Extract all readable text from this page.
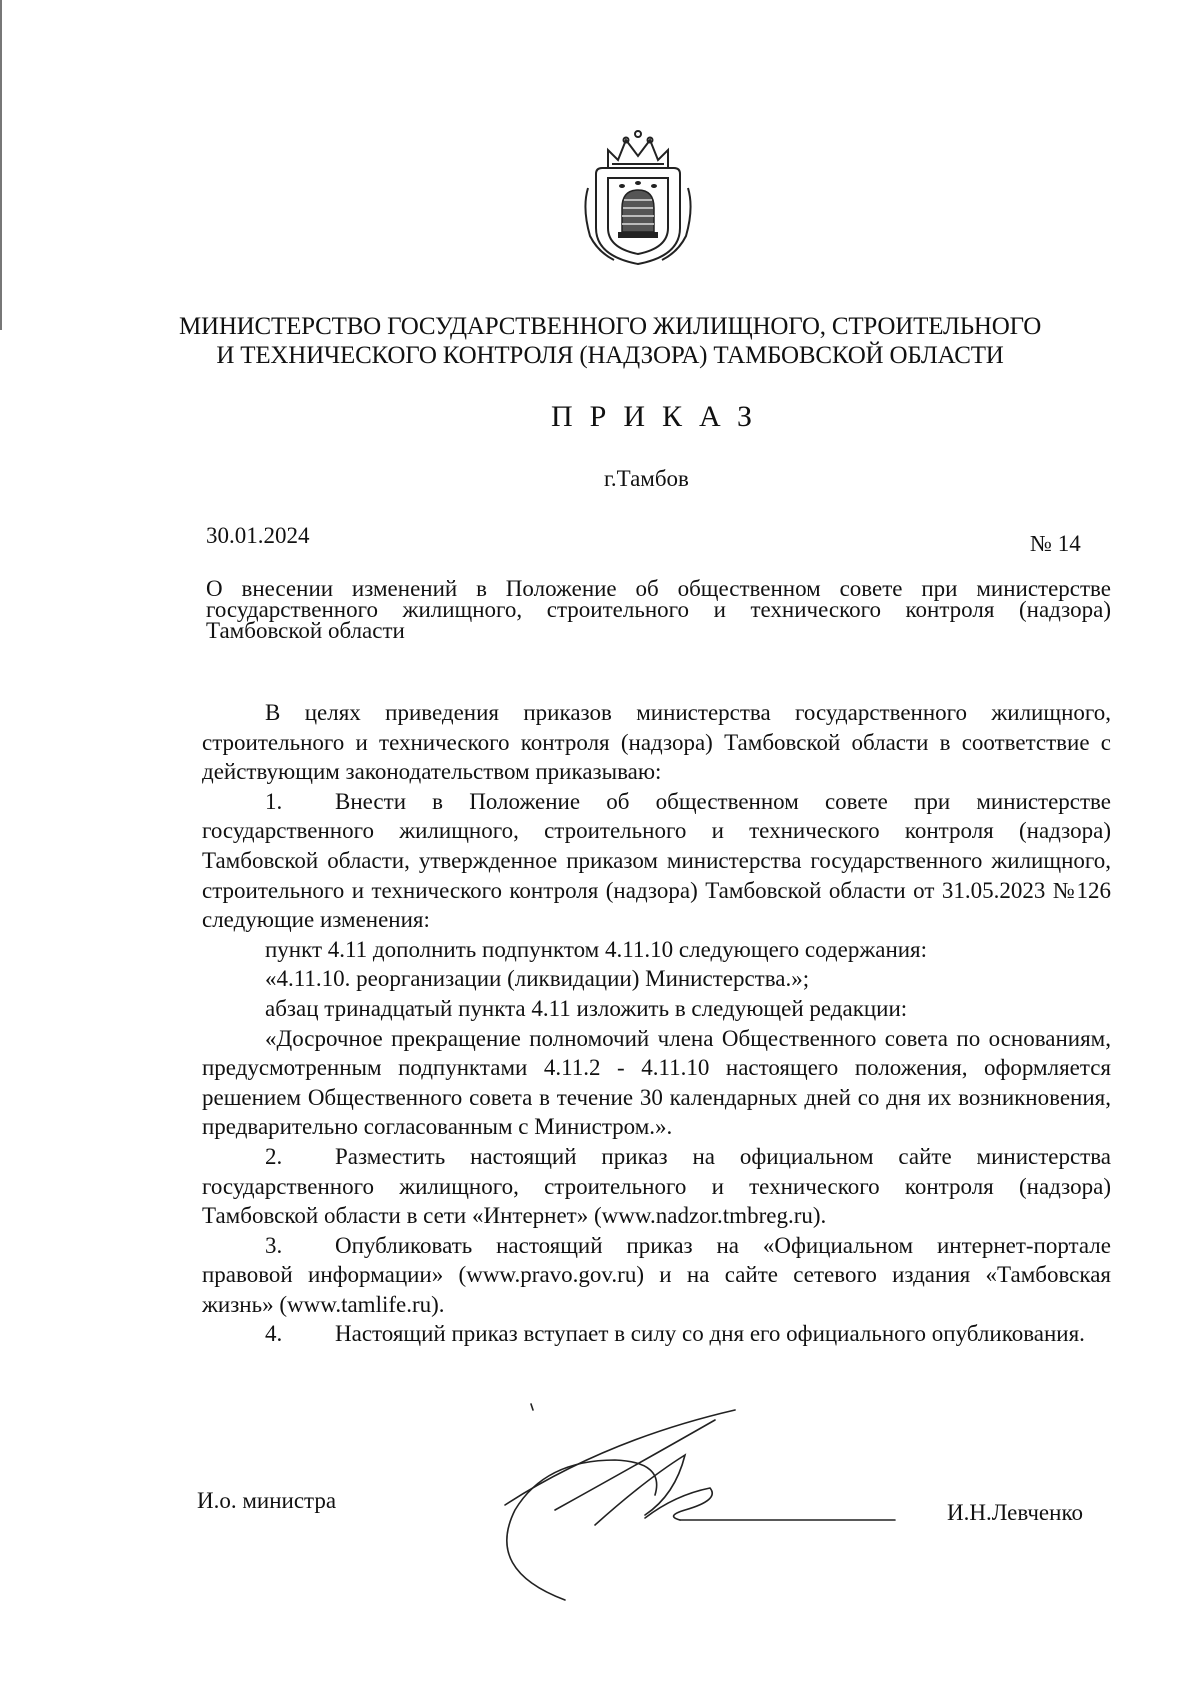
МИНИСТЕРСТВО ГОСУДАРСТВЕННОГО ЖИЛИЩНОГО, СТРОИТЕЛЬНОГО
И ТЕХНИЧЕСКОГО КОНТРОЛЯ (НАДЗОРА) ТАМБОВСКОЙ ОБЛАСТИ
ПРИКАЗ
г.Тамбов
30.01.2024	№ 14
О внесении изменений в Положение об общественном совете при министерстве государственного жилищного, строительного и технического контроля (надзора) Тамбовской области

В целях приведения приказов министерства государственного жилищного, строительного и технического контроля (надзора) Тамбовской области в соответствие с действующим законодательством приказываю:

1. Внести в Положение об общественном совете при министерстве государственного жилищного, строительного и технического контроля (надзора) Тамбовской области, утвержденное приказом министерства государственного жилищного, строительного и технического контроля (надзора) Тамбовской области от 31.05.2023 №126 следующие изменения:

пункт 4.11 дополнить подпунктом 4.11.10 следующего содержания:

«4.11.10. реорганизации (ликвидации) Министерства.»;

абзац тринадцатый пункта 4.11 изложить в следующей редакции:

«Досрочное прекращение полномочий члена Общественного совета по основаниям, предусмотренным подпунктами 4.11.2 - 4.11.10 настоящего положения, оформляется решением Общественного совета в течение 30 календарных дней со дня их возникновения, предварительно согласованным с Министром.».

2. Разместить настоящий приказ на официальном сайте министерства государственного жилищного, строительного и технического контроля (надзора) Тамбовской области в сети «Интернет» (www.nadzor.tmbreg.ru).

3. Опубликовать настоящий приказ на «Официальном интернет-портале правовой информации» (www.pravo.gov.ru) и на сайте сетевого издания «Тамбовская жизнь» (www.tamlife.ru).

4. Настоящий приказ вступает в силу со дня его официального опубликования.

И.о. министра	И.Н.Левченко
